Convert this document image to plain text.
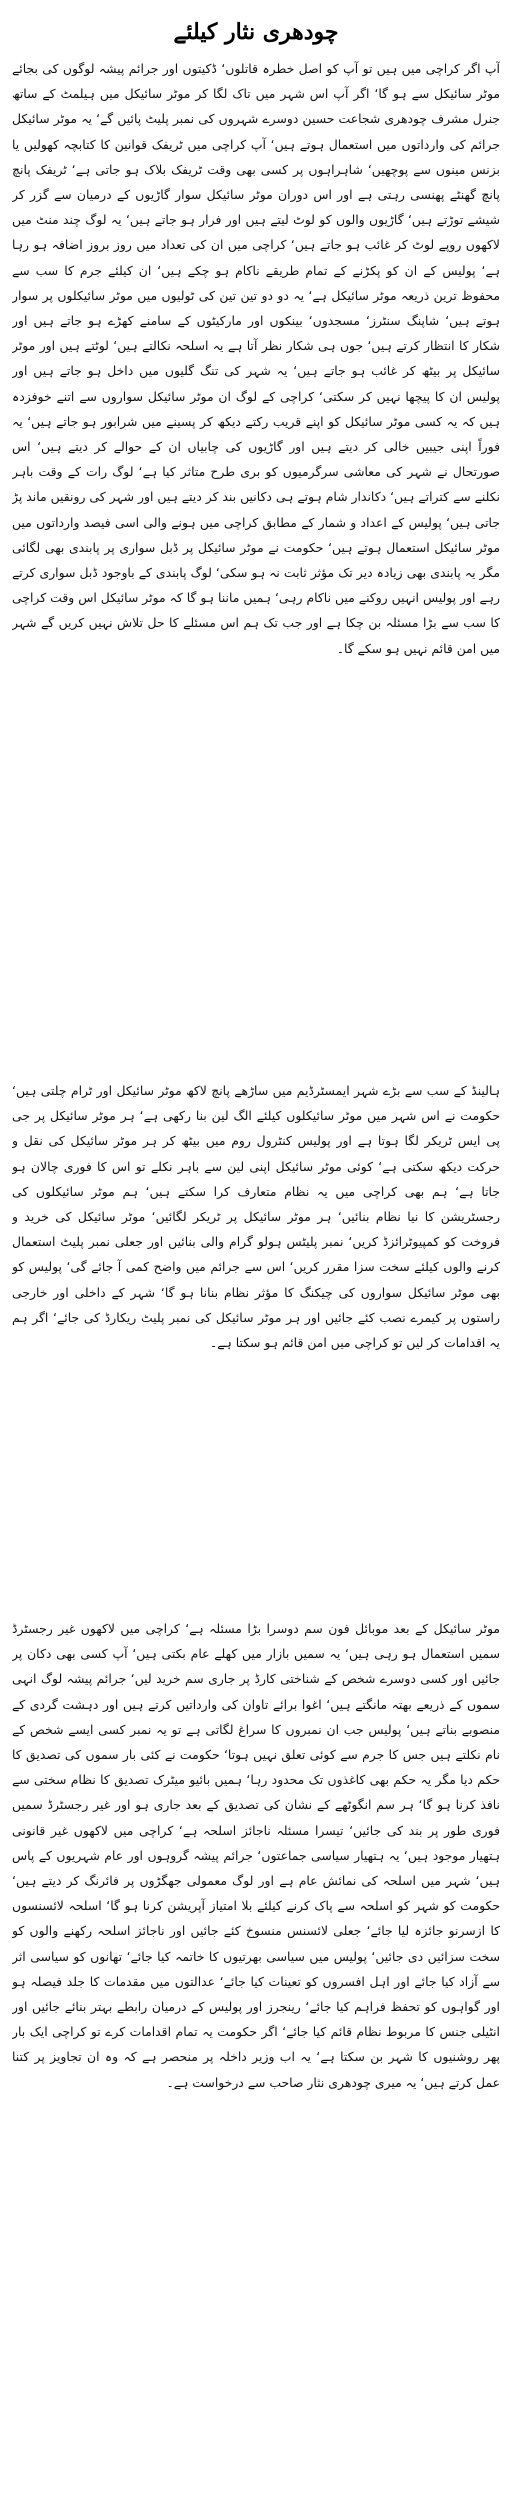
چودھری نثار کیلئے

آپ اگر کراچی میں ہیں تو آپ کو اصل خطرہ قاتلوں‘ ڈکیتوں اور جرائم پیشہ لوگوں کی بجائے موٹر سائیکل سے ہو گا‘ اگر آپ اس شہر میں تاک لگا کر موٹر سائیکل میں ہیلمٹ کے ساتھ جنرل مشرف چودھری شجاعت حسین دوسرے شہروں کی نمبر پلیٹ پائیں گے‘ یہ موٹر سائیکل جرائم کی وارداتوں میں استعمال ہوتے ہیں‘ آپ کراچی میں ٹریفک قوانین کا کتابچہ کھولیں یا بزنس مینوں سے پوچھیں‘ شاہراہوں پر کسی بھی وقت ٹریفک بلاک ہو جاتی ہے‘ ٹریفک پانچ پانچ گھنٹے پھنسی رہتی ہے اور اس دوران موٹر سائیکل سوار گاڑیوں کے درمیان سے گزر کر شیشے توڑتے ہیں‘ گاڑیوں والوں کو لوٹ لیتے ہیں اور فرار ہو جاتے ہیں‘ یہ لوگ چند منٹ میں لاکھوں روپے لوٹ کر غائب ہو جاتے ہیں‘ کراچی میں ان کی تعداد میں روز بروز اضافہ ہو رہا ہے‘ پولیس کے ان کو پکڑنے کے تمام طریقے ناکام ہو چکے ہیں‘ ان کیلئے جرم کا سب سے محفوظ ترین ذریعہ موٹر سائیکل ہے‘ یہ دو دو تین تین کی ٹولیوں میں موٹر سائیکلوں پر سوار ہوتے ہیں‘ شاپنگ سنٹرز‘ مسجدوں‘ بینکوں اور مارکیٹوں کے سامنے کھڑے ہو جاتے ہیں اور شکار کا انتظار کرتے ہیں‘ جوں ہی شکار نظر آتا ہے یہ اسلحہ نکالتے ہیں‘ لوٹتے ہیں اور موٹر سائیکل پر بیٹھ کر غائب ہو جاتے ہیں‘ یہ شہر کی تنگ گلیوں میں داخل ہو جاتے ہیں اور پولیس ان کا پیچھا نہیں کر سکتی‘ کراچی کے لوگ ان موٹر سائیکل سواروں سے اتنے خوفزدہ ہیں کہ یہ کسی موٹر سائیکل کو اپنے قریب رکتے دیکھ کر پسینے میں شرابور ہو جاتے ہیں‘ یہ فوراً اپنی جیبیں خالی کر دیتے ہیں اور گاڑیوں کی چابیاں ان کے حوالے کر دیتے ہیں‘ اس صورتحال نے شہر کی معاشی سرگرمیوں کو بری طرح متاثر کیا ہے‘ لوگ رات کے وقت باہر نکلنے سے کتراتے ہیں‘ دکاندار شام ہوتے ہی دکانیں بند کر دیتے ہیں اور شہر کی رونقیں ماند پڑ جاتی ہیں‘ پولیس کے اعداد و شمار کے مطابق کراچی میں ہونے والی اسی فیصد وارداتوں میں موٹر سائیکل استعمال ہوتے ہیں‘ حکومت نے موٹر سائیکل پر ڈبل سواری پر پابندی بھی لگائی مگر یہ پابندی بھی زیادہ دیر تک مؤثر ثابت نہ ہو سکی‘ لوگ پابندی کے باوجود ڈبل سواری کرتے رہے اور پولیس انہیں روکنے میں ناکام رہی‘ ہمیں ماننا ہو گا کہ موٹر سائیکل اس وقت کراچی کا سب سے بڑا مسئلہ بن چکا ہے اور جب تک ہم اس مسئلے کا حل تلاش نہیں کریں گے شہر میں امن قائم نہیں ہو سکے گا۔

ہالینڈ کے سب سے بڑے شہر ایمسٹرڈیم میں ساڑھے پانچ لاکھ موٹر سائیکل اور ٹرام چلتی ہیں‘ حکومت نے اس شہر میں موٹر سائیکلوں کیلئے الگ لین بنا رکھی ہے‘ ہر موٹر سائیکل پر جی پی ایس ٹریکر لگا ہوتا ہے اور پولیس کنٹرول روم میں بیٹھ کر ہر موٹر سائیکل کی نقل و حرکت دیکھ سکتی ہے‘ کوئی موٹر سائیکل اپنی لین سے باہر نکلے تو اس کا فوری چالان ہو جاتا ہے‘ ہم بھی کراچی میں یہ نظام متعارف کرا سکتے ہیں‘ ہم موٹر سائیکلوں کی رجسٹریشن کا نیا نظام بنائیں‘ ہر موٹر سائیکل پر ٹریکر لگائیں‘ موٹر سائیکل کی خرید و فروخت کو کمپیوٹرائزڈ کریں‘ نمبر پلیٹس ہولو گرام والی بنائیں اور جعلی نمبر پلیٹ استعمال کرنے والوں کیلئے سخت سزا مقرر کریں‘ اس سے جرائم میں واضح کمی آ جائے گی‘ پولیس کو بھی موٹر سائیکل سواروں کی چیکنگ کا مؤثر نظام بنانا ہو گا‘ شہر کے داخلی اور خارجی راستوں پر کیمرے نصب کئے جائیں اور ہر موٹر سائیکل کی نمبر پلیٹ ریکارڈ کی جائے‘ اگر ہم یہ اقدامات کر لیں تو کراچی میں امن قائم ہو سکتا ہے۔

موٹر سائیکل کے بعد موبائل فون سم دوسرا بڑا مسئلہ ہے‘ کراچی میں لاکھوں غیر رجسٹرڈ سمیں استعمال ہو رہی ہیں‘ یہ سمیں بازار میں کھلے عام بکتی ہیں‘ آپ کسی بھی دکان پر جائیں اور کسی دوسرے شخص کے شناختی کارڈ پر جاری سم خرید لیں‘ جرائم پیشہ لوگ انہی سموں کے ذریعے بھتہ مانگتے ہیں‘ اغوا برائے تاوان کی وارداتیں کرتے ہیں اور دہشت گردی کے منصوبے بناتے ہیں‘ پولیس جب ان نمبروں کا سراغ لگاتی ہے تو یہ نمبر کسی ایسے شخص کے نام نکلتے ہیں جس کا جرم سے کوئی تعلق نہیں ہوتا‘ حکومت نے کئی بار سموں کی تصدیق کا حکم دیا مگر یہ حکم بھی کاغذوں تک محدود رہا‘ ہمیں بائیو میٹرک تصدیق کا نظام سختی سے نافذ کرنا ہو گا‘ ہر سم انگوٹھے کے نشان کی تصدیق کے بعد جاری ہو اور غیر رجسٹرڈ سمیں فوری طور پر بند کی جائیں‘ تیسرا مسئلہ ناجائز اسلحہ ہے‘ کراچی میں لاکھوں غیر قانونی ہتھیار موجود ہیں‘ یہ ہتھیار سیاسی جماعتوں‘ جرائم پیشہ گروہوں اور عام شہریوں کے پاس ہیں‘ شہر میں اسلحہ کی نمائش عام ہے اور لوگ معمولی جھگڑوں پر فائرنگ کر دیتے ہیں‘ حکومت کو شہر کو اسلحہ سے پاک کرنے کیلئے بلا امتیاز آپریشن کرنا ہو گا‘ اسلحہ لائسنسوں کا ازسرنو جائزہ لیا جائے‘ جعلی لائسنس منسوخ کئے جائیں اور ناجائز اسلحہ رکھنے والوں کو سخت سزائیں دی جائیں‘ پولیس میں سیاسی بھرتیوں کا خاتمہ کیا جائے‘ تھانوں کو سیاسی اثر سے آزاد کیا جائے اور اہل افسروں کو تعینات کیا جائے‘ عدالتوں میں مقدمات کا جلد فیصلہ ہو اور گواہوں کو تحفظ فراہم کیا جائے‘ رینجرز اور پولیس کے درمیان رابطے بہتر بنائے جائیں اور انٹیلی جنس کا مربوط نظام قائم کیا جائے‘ اگر حکومت یہ تمام اقدامات کرے تو کراچی ایک بار پھر روشنیوں کا شہر بن سکتا ہے‘ یہ اب وزیر داخلہ پر منحصر ہے کہ وہ ان تجاویز پر کتنا عمل کرتے ہیں‘ یہ میری چودھری نثار صاحب سے درخواست ہے۔
